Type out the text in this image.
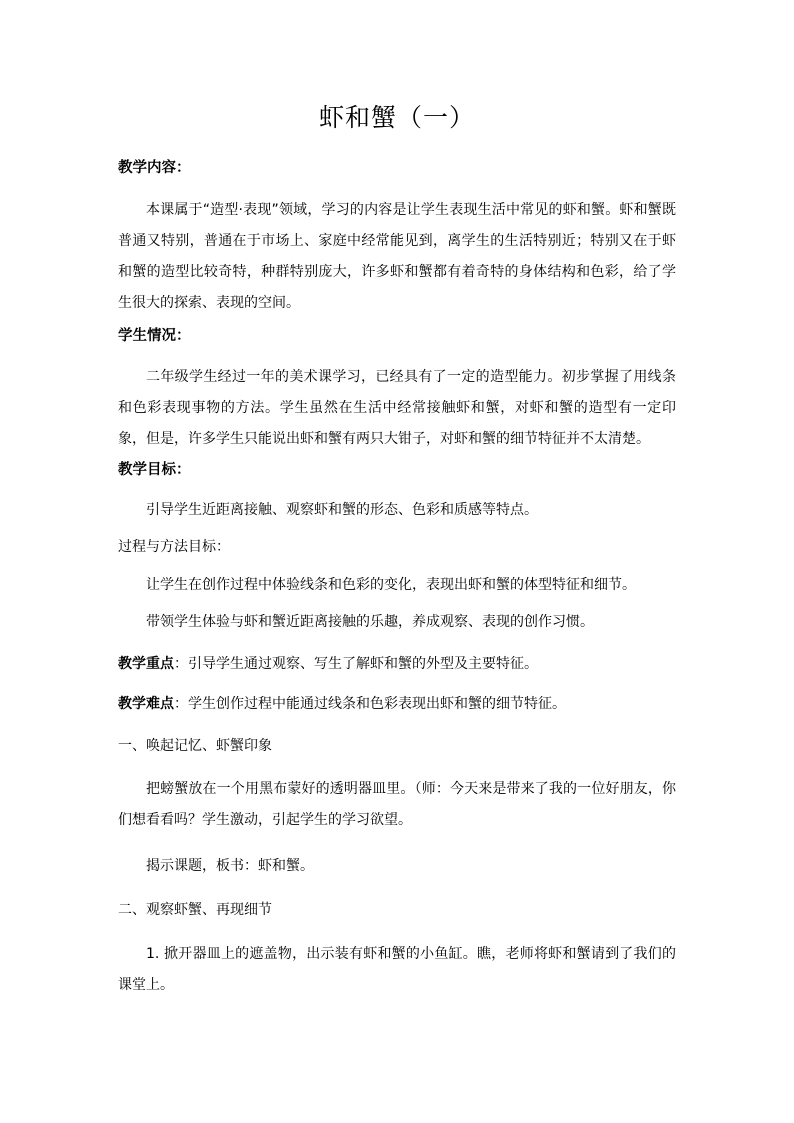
虾和蟹（一）
教学内容：
本课属于“造型·表现”领域，学习的内容是让学生表现生活中常见的虾和蟹。虾和蟹既普通又特别，普通在于市场上、家庭中经常能见到，离学生的生活特别近；特别又在于虾和蟹的造型比较奇特，种群特别庞大，许多虾和蟹都有着奇特的身体结构和色彩，给了学生很大的探索、表现的空间。
学生情况：
二年级学生经过一年的美术课学习，已经具有了一定的造型能力。初步掌握了用线条和色彩表现事物的方法。学生虽然在生活中经常接触虾和蟹，对虾和蟹的造型有一定印象，但是，许多学生只能说出虾和蟹有两只大钳子，对虾和蟹的细节特征并不太清楚。
教学目标：
引导学生近距离接触、观察虾和蟹的形态、色彩和质感等特点。
过程与方法目标：
让学生在创作过程中体验线条和色彩的变化，表现出虾和蟹的体型特征和细节。
带领学生体验与虾和蟹近距离接触的乐趣，养成观察、表现的创作习惯。
教学重点：引导学生通过观察、写生了解虾和蟹的外型及主要特征。
教学难点：学生创作过程中能通过线条和色彩表现出虾和蟹的细节特征。
一、唤起记忆、虾蟹印象
把螃蟹放在一个用黑布蒙好的透明器皿里。（师：今天来是带来了我的一位好朋友，你们想看看吗？学生激动，引起学生的学习欲望。
揭示课题，板书：虾和蟹。
二、观察虾蟹、再现细节
1. 掀开器皿上的遮盖物，出示装有虾和蟹的小鱼缸。瞧，老师将虾和蟹请到了我们的课堂上。
